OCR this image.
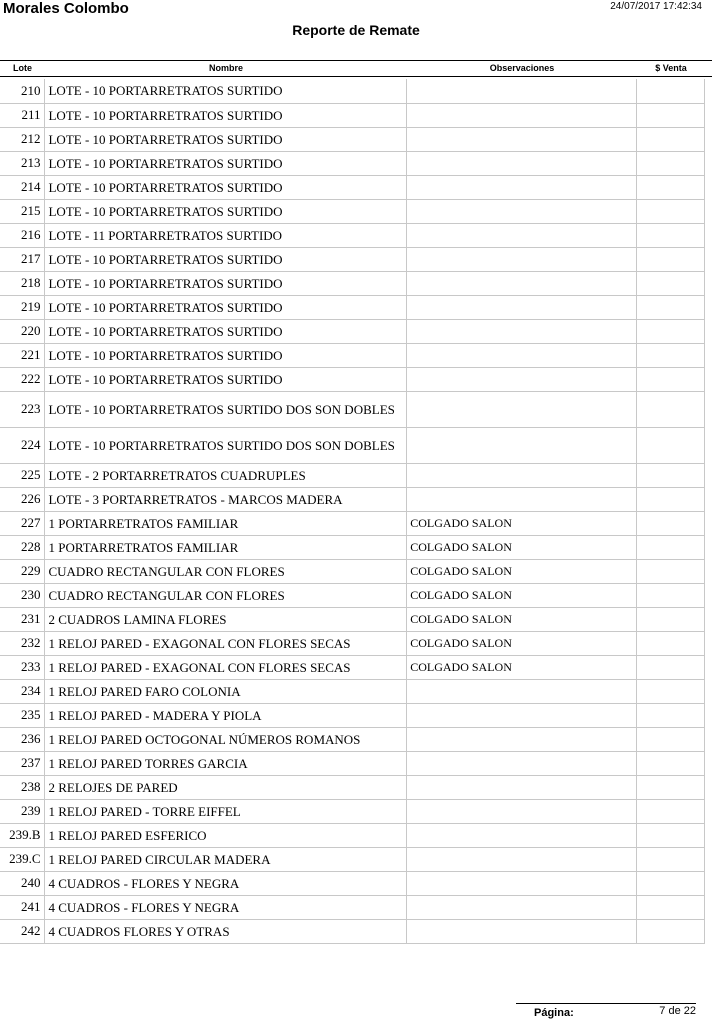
Morales Colombo	24/07/2017 17:42:34
Reporte de Remate
Lote	Nombre	Observaciones	$ Venta
210	LOTE - 10 PORTARRETRATOS SURTIDO		
211	LOTE - 10 PORTARRETRATOS SURTIDO		
212	LOTE - 10 PORTARRETRATOS SURTIDO		
213	LOTE - 10 PORTARRETRATOS SURTIDO		
214	LOTE - 10 PORTARRETRATOS SURTIDO		
215	LOTE - 10 PORTARRETRATOS SURTIDO		
216	LOTE - 11 PORTARRETRATOS SURTIDO		
217	LOTE - 10 PORTARRETRATOS SURTIDO		
218	LOTE - 10 PORTARRETRATOS SURTIDO		
219	LOTE - 10 PORTARRETRATOS SURTIDO		
220	LOTE - 10 PORTARRETRATOS SURTIDO		
221	LOTE - 10 PORTARRETRATOS SURTIDO		
222	LOTE - 10 PORTARRETRATOS SURTIDO		
223	LOTE - 10 PORTARRETRATOS SURTIDO DOS SON DOBLES		
224	LOTE - 10 PORTARRETRATOS SURTIDO DOS SON DOBLES		
225	LOTE - 2 PORTARRETRATOS CUADRUPLES		
226	LOTE - 3 PORTARRETRATOS - MARCOS MADERA		
227	1 PORTARRETRATOS FAMILIAR	COLGADO SALON	
228	1 PORTARRETRATOS FAMILIAR	COLGADO SALON	
229	CUADRO RECTANGULAR CON FLORES	COLGADO SALON	
230	CUADRO RECTANGULAR CON FLORES	COLGADO SALON	
231	2 CUADROS LAMINA FLORES	COLGADO SALON	
232	1 RELOJ PARED - EXAGONAL CON FLORES SECAS	COLGADO SALON	
233	1 RELOJ PARED - EXAGONAL CON FLORES SECAS	COLGADO SALON	
234	1 RELOJ PARED FARO COLONIA		
235	1 RELOJ PARED - MADERA Y PIOLA		
236	1 RELOJ PARED OCTOGONAL NÚMEROS ROMANOS		
237	1 RELOJ PARED TORRES GARCIA		
238	2 RELOJES DE PARED		
239	1 RELOJ PARED - TORRE EIFFEL		
239.B	1 RELOJ PARED ESFERICO		
239.C	1 RELOJ PARED CIRCULAR MADERA		
240	4 CUADROS - FLORES Y NEGRA		
241	4 CUADROS - FLORES Y NEGRA		
242	4 CUADROS FLORES Y OTRAS		
Página:	7 de 22
